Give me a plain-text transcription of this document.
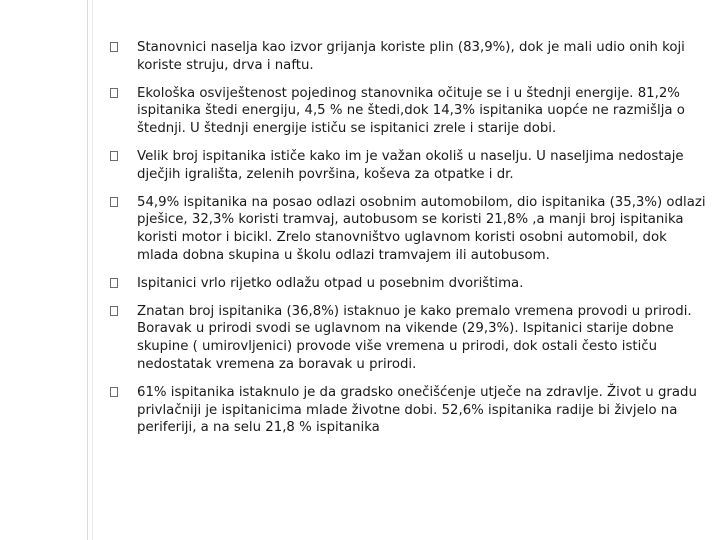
Stanovnici naselja kao izvor grijanja koriste plin (83,9%), dok je mali udio onih koji koriste struju, drva i naftu.
Ekološka osviještenost pojedinog stanovnika očituje se i u štednji energije. 81,2% ispitanika štedi energiju, 4,5 % ne štedi,dok 14,3% ispitanika uopće ne razmišlja o štednji. U štednji energije ističu se ispitanici zrele i starije dobi.
Velik broj ispitanika ističe kako im je važan okoliš u naselju. U naseljima nedostaje dječjih igrališta, zelenih površina, koševa za otpatke i dr.
54,9% ispitanika na posao odlazi osobnim automobilom, dio ispitanika (35,3%) odlazi pješice, 32,3% koristi tramvaj, autobusom se koristi 21,8% ,a manji broj ispitanika koristi motor i bicikl. Zrelo stanovništvo uglavnom koristi osobni automobil, dok mlada dobna skupina u školu odlazi tramvajem ili autobusom.
Ispitanici vrlo rijetko odlažu otpad u posebnim dvorištima.
Znatan broj ispitanika (36,8%) istaknuo je kako premalo vremena provodi u prirodi. Boravak u prirodi svodi se uglavnom na vikende (29,3%). Ispitanici starije dobne skupine ( umirovljenici) provode više vremena u prirodi, dok ostali često ističu nedostatak vremena za boravak u prirodi.
61% ispitanika istaknulo je da gradsko onečišćenje utječe na zdravlje. Život u gradu privlačniji je ispitanicima mlade životne dobi. 52,6% ispitanika radije bi živjelo na periferiji, a na selu 21,8 % ispitanika
